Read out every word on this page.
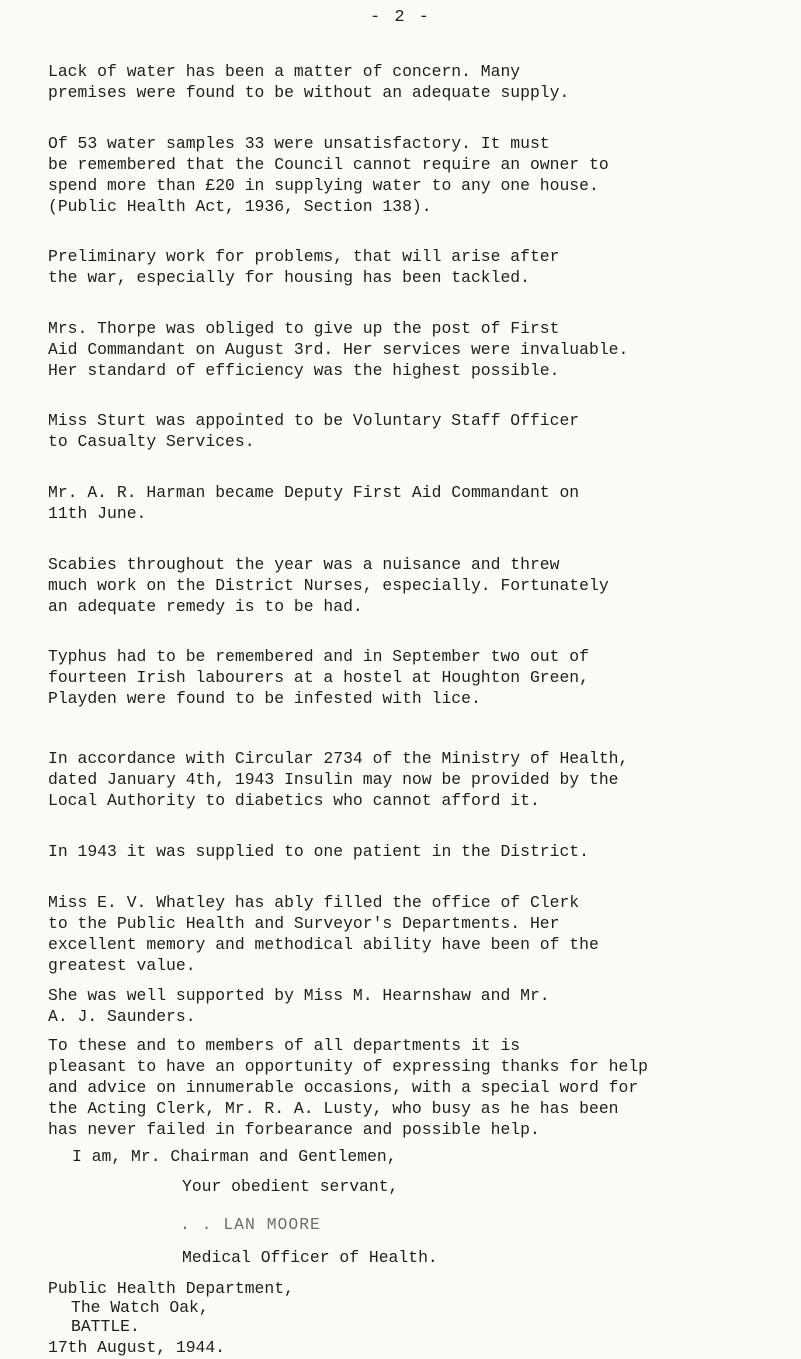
- 2 -

Lack of water has been a matter of concern. Many
premises were found to be without an adequate supply.

Of 53 water samples 33 were unsatisfactory. It must
be remembered that the Council cannot require an owner to
spend more than £20 in supplying water to any one house.
(Public Health Act, 1936, Section 138).

Preliminary work for problems, that will arise after
the war, especially for housing has been tackled.

Mrs. Thorpe was obliged to give up the post of First
Aid Commandant on August 3rd. Her services were invaluable.
Her standard of efficiency was the highest possible.

Miss Sturt was appointed to be Voluntary Staff Officer
to Casualty Services.

Mr. A. R. Harman became Deputy First Aid Commandant on
11th June.

Scabies throughout the year was a nuisance and threw
much work on the District Nurses, especially. Fortunately
an adequate remedy is to be had.

Typhus had to be remembered and in September two out of
fourteen Irish labourers at a hostel at Houghton Green,
Playden were found to be infested with lice.

In accordance with Circular 2734 of the Ministry of Health,
dated January 4th, 1943 Insulin may now be provided by the
Local Authority to diabetics who cannot afford it.

In 1943 it was supplied to one patient in the District.

Miss E. V. Whatley has ably filled the office of Clerk
to the Public Health and Surveyor's Departments. Her
excellent memory and methodical ability have been of the
greatest value.

She was well supported by Miss M. Hearnshaw and Mr.
A. J. Saunders.

To these and to members of all departments it is
pleasant to have an opportunity of expressing thanks for help
and advice on innumerable occasions, with a special word for
the Acting Clerk, Mr. R. A. Lusty, who busy as he has been
has never failed in forbearance and possible help.

I am, Mr. Chairman and Gentlemen,

Your obedient servant,

. . LAN MOORE

Medical Officer of Health.

Public Health Department,

The Watch Oak,

BATTLE.

17th August, 1944.
